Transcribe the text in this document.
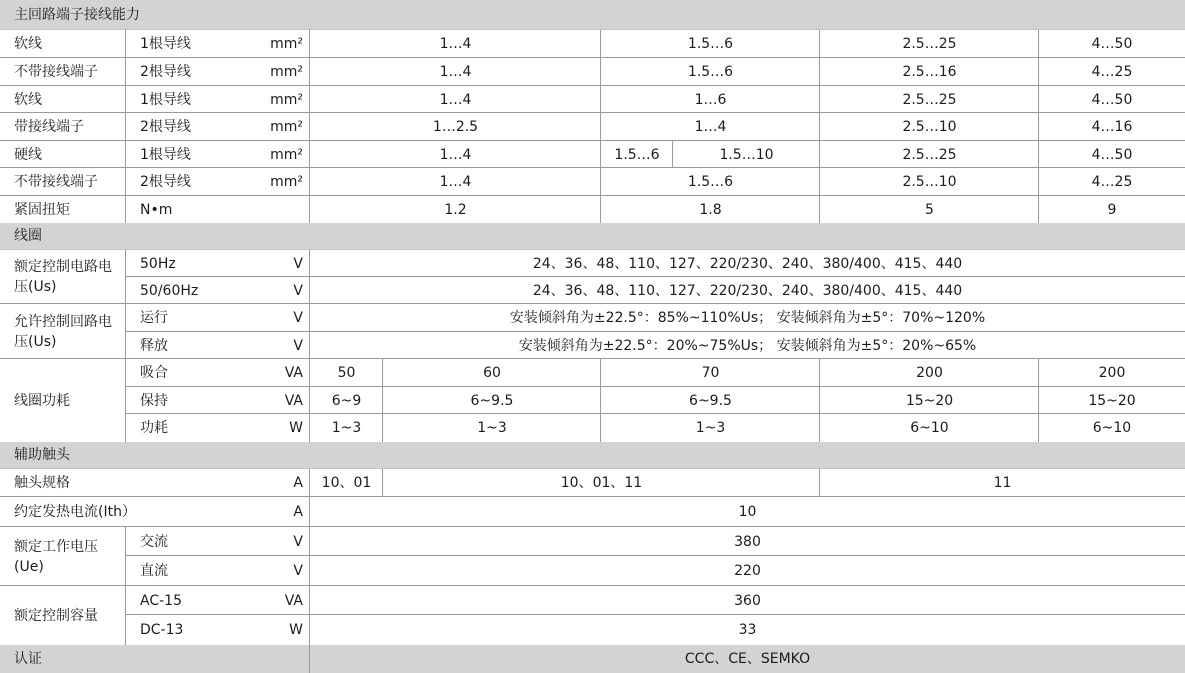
主回路端子接线能力
软线	1根导线	mm²	1…4	1.5…6	2.5…25	4…50
不带接线端子	2根导线	mm²	1…4	1.5…6	2.5…16	4…25
软线	1根导线	mm²	1…4	1…6	2.5…25	4…50
带接线端子	2根导线	mm²	1…2.5	1…4	2.5…10	4…16
硬线	1根导线	mm²	1…4	1.5…6	1.5…10	2.5…25	4…50
不带接线端子	2根导线	mm²	1…4	1.5…6	2.5…10	4…25
紧固扭矩	N•m	1.2	1.8	5	9
线圈
额定控制电路电压(Us)
50Hz	V	24、36、48、110、127、220/230、240、380/400、415、440
50/60Hz	V	24、36、48、110、127、220/230、240、380/400、415、440
允许控制回路电压(Us)
运行	V	安装倾斜角为±22.5°：85%~110%Us； 安装倾斜角为±5°：70%~120%
释放	V	安装倾斜角为±22.5°：20%~75%Us； 安装倾斜角为±5°：20%~65%
线圈功耗
吸合	VA	50	60	70	200	200
保持	VA	6~9	6~9.5	6~9.5	15~20	15~20
功耗	W	1~3	1~3	1~3	6~10	6~10
辅助触头
触头规格	A	10、01	10、01、11	11
约定发热电流(Ith）	A	10
额定工作电压(Ue)
交流	V	380
直流	V	220
额定控制容量
AC-15	VA	360
DC-13	W	33
认证	CCC、CE、SEMKO
